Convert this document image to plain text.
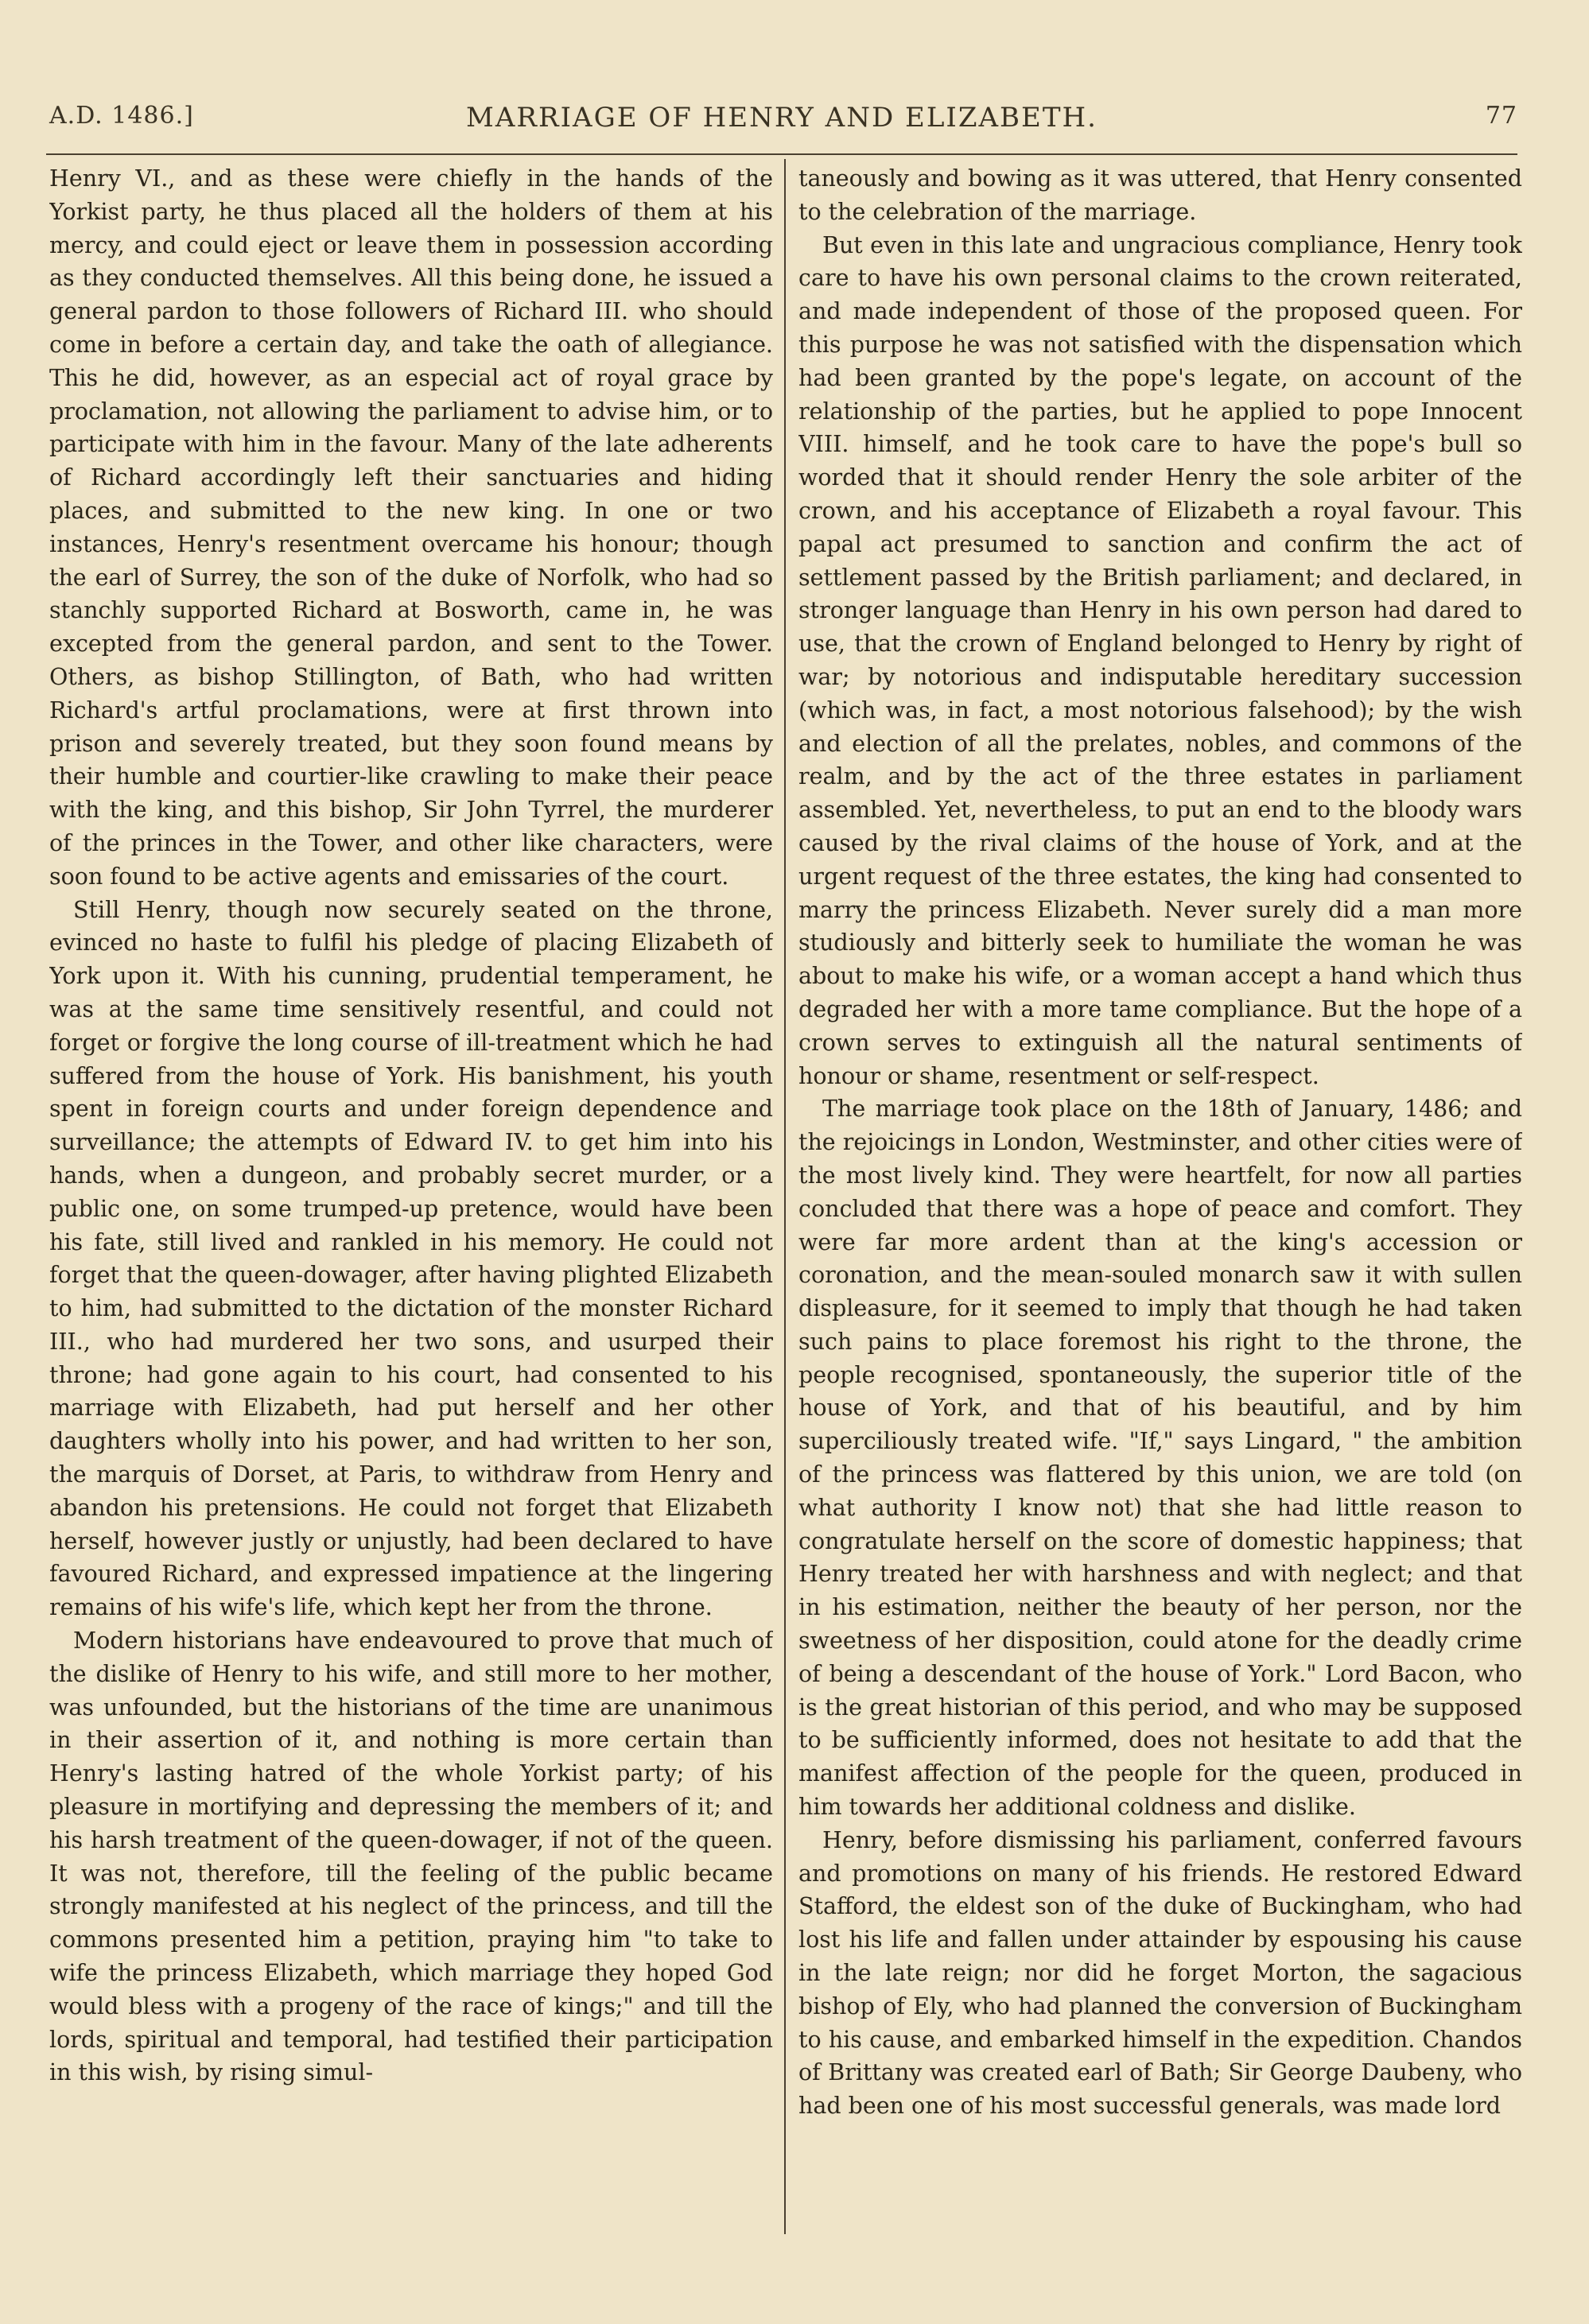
A.D. 1486.]	MARRIAGE OF HENRY AND ELIZABETH.	77

Henry VI., and as these were chiefly in the hands of the Yorkist party, he thus placed all the holders of them at his mercy, and could eject or leave them in possession according as they conducted themselves. All this being done, he issued a general pardon to those followers of Richard III. who should come in before a certain day, and take the oath of allegiance. This he did, however, as an especial act of royal grace by proclamation, not allowing the parliament to advise him, or to participate with him in the favour. Many of the late adherents of Richard accordingly left their sanctuaries and hiding places, and submitted to the new king. In one or two instances, Henry's resentment overcame his honour; though the earl of Surrey, the son of the duke of Norfolk, who had so stanchly supported Richard at Bosworth, came in, he was excepted from the general pardon, and sent to the Tower. Others, as bishop Stillington, of Bath, who had written Richard's artful proclamations, were at first thrown into prison and severely treated, but they soon found means by their humble and courtier-like crawling to make their peace with the king, and this bishop, Sir John Tyrrel, the murderer of the princes in the Tower, and other like characters, were soon found to be active agents and emissaries of the court.

Still Henry, though now securely seated on the throne, evinced no haste to fulfil his pledge of placing Elizabeth of York upon it. With his cunning, prudential temperament, he was at the same time sensitively resentful, and could not forget or forgive the long course of ill-treatment which he had suffered from the house of York. His banishment, his youth spent in foreign courts and under foreign dependence and surveillance; the attempts of Edward IV. to get him into his hands, when a dungeon, and probably secret murder, or a public one, on some trumped-up pretence, would have been his fate, still lived and rankled in his memory. He could not forget that the queen-dowager, after having plighted Elizabeth to him, had submitted to the dictation of the monster Richard III., who had murdered her two sons, and usurped their throne; had gone again to his court, had consented to his marriage with Elizabeth, had put herself and her other daughters wholly into his power, and had written to her son, the marquis of Dorset, at Paris, to withdraw from Henry and abandon his pretensions. He could not forget that Elizabeth herself, however justly or unjustly, had been declared to have favoured Richard, and expressed impatience at the lingering remains of his wife's life, which kept her from the throne.

Modern historians have endeavoured to prove that much of the dislike of Henry to his wife, and still more to her mother, was unfounded, but the historians of the time are unanimous in their assertion of it, and nothing is more certain than Henry's lasting hatred of the whole Yorkist party; of his pleasure in mortifying and depressing the members of it; and his harsh treatment of the queen-dowager, if not of the queen. It was not, therefore, till the feeling of the public became strongly manifested at his neglect of the princess, and till the commons presented him a petition, praying him "to take to wife the princess Elizabeth, which marriage they hoped God would bless with a progeny of the race of kings;" and till the lords, spiritual and temporal, had testified their participation in this wish, by rising simul-

taneously and bowing as it was uttered, that Henry consented to the celebration of the marriage.

But even in this late and ungracious compliance, Henry took care to have his own personal claims to the crown reiterated, and made independent of those of the proposed queen. For this purpose he was not satisfied with the dispensation which had been granted by the pope's legate, on account of the relationship of the parties, but he applied to pope Innocent VIII. himself, and he took care to have the pope's bull so worded that it should render Henry the sole arbiter of the crown, and his acceptance of Elizabeth a royal favour. This papal act presumed to sanction and confirm the act of settlement passed by the British parliament; and declared, in stronger language than Henry in his own person had dared to use, that the crown of England belonged to Henry by right of war; by notorious and indisputable hereditary succession (which was, in fact, a most notorious falsehood); by the wish and election of all the prelates, nobles, and commons of the realm, and by the act of the three estates in parliament assembled. Yet, nevertheless, to put an end to the bloody wars caused by the rival claims of the house of York, and at the urgent request of the three estates, the king had consented to marry the princess Elizabeth. Never surely did a man more studiously and bitterly seek to humiliate the woman he was about to make his wife, or a woman accept a hand which thus degraded her with a more tame compliance. But the hope of a crown serves to extinguish all the natural sentiments of honour or shame, resentment or self-respect.

The marriage took place on the 18th of January, 1486; and the rejoicings in London, Westminster, and other cities were of the most lively kind. They were heartfelt, for now all parties concluded that there was a hope of peace and comfort. They were far more ardent than at the king's accession or coronation, and the mean-souled monarch saw it with sullen displeasure, for it seemed to imply that though he had taken such pains to place foremost his right to the throne, the people recognised, spontaneously, the superior title of the house of York, and that of his beautiful, and by him superciliously treated wife. "If," says Lingard, " the ambition of the princess was flattered by this union, we are told (on what authority I know not) that she had little reason to congratulate herself on the score of domestic happiness; that Henry treated her with harshness and with neglect; and that in his estimation, neither the beauty of her person, nor the sweetness of her disposition, could atone for the deadly crime of being a descendant of the house of York." Lord Bacon, who is the great historian of this period, and who may be supposed to be sufficiently informed, does not hesitate to add that the manifest affection of the people for the queen, produced in him towards her additional coldness and dislike.

Henry, before dismissing his parliament, conferred favours and promotions on many of his friends. He restored Edward Stafford, the eldest son of the duke of Buckingham, who had lost his life and fallen under attainder by espousing his cause in the late reign; nor did he forget Morton, the sagacious bishop of Ely, who had planned the conversion of Buckingham to his cause, and embarked himself in the expedition. Chandos of Brittany was created earl of Bath; Sir George Daubeny, who had been one of his most successful generals, was made lord
